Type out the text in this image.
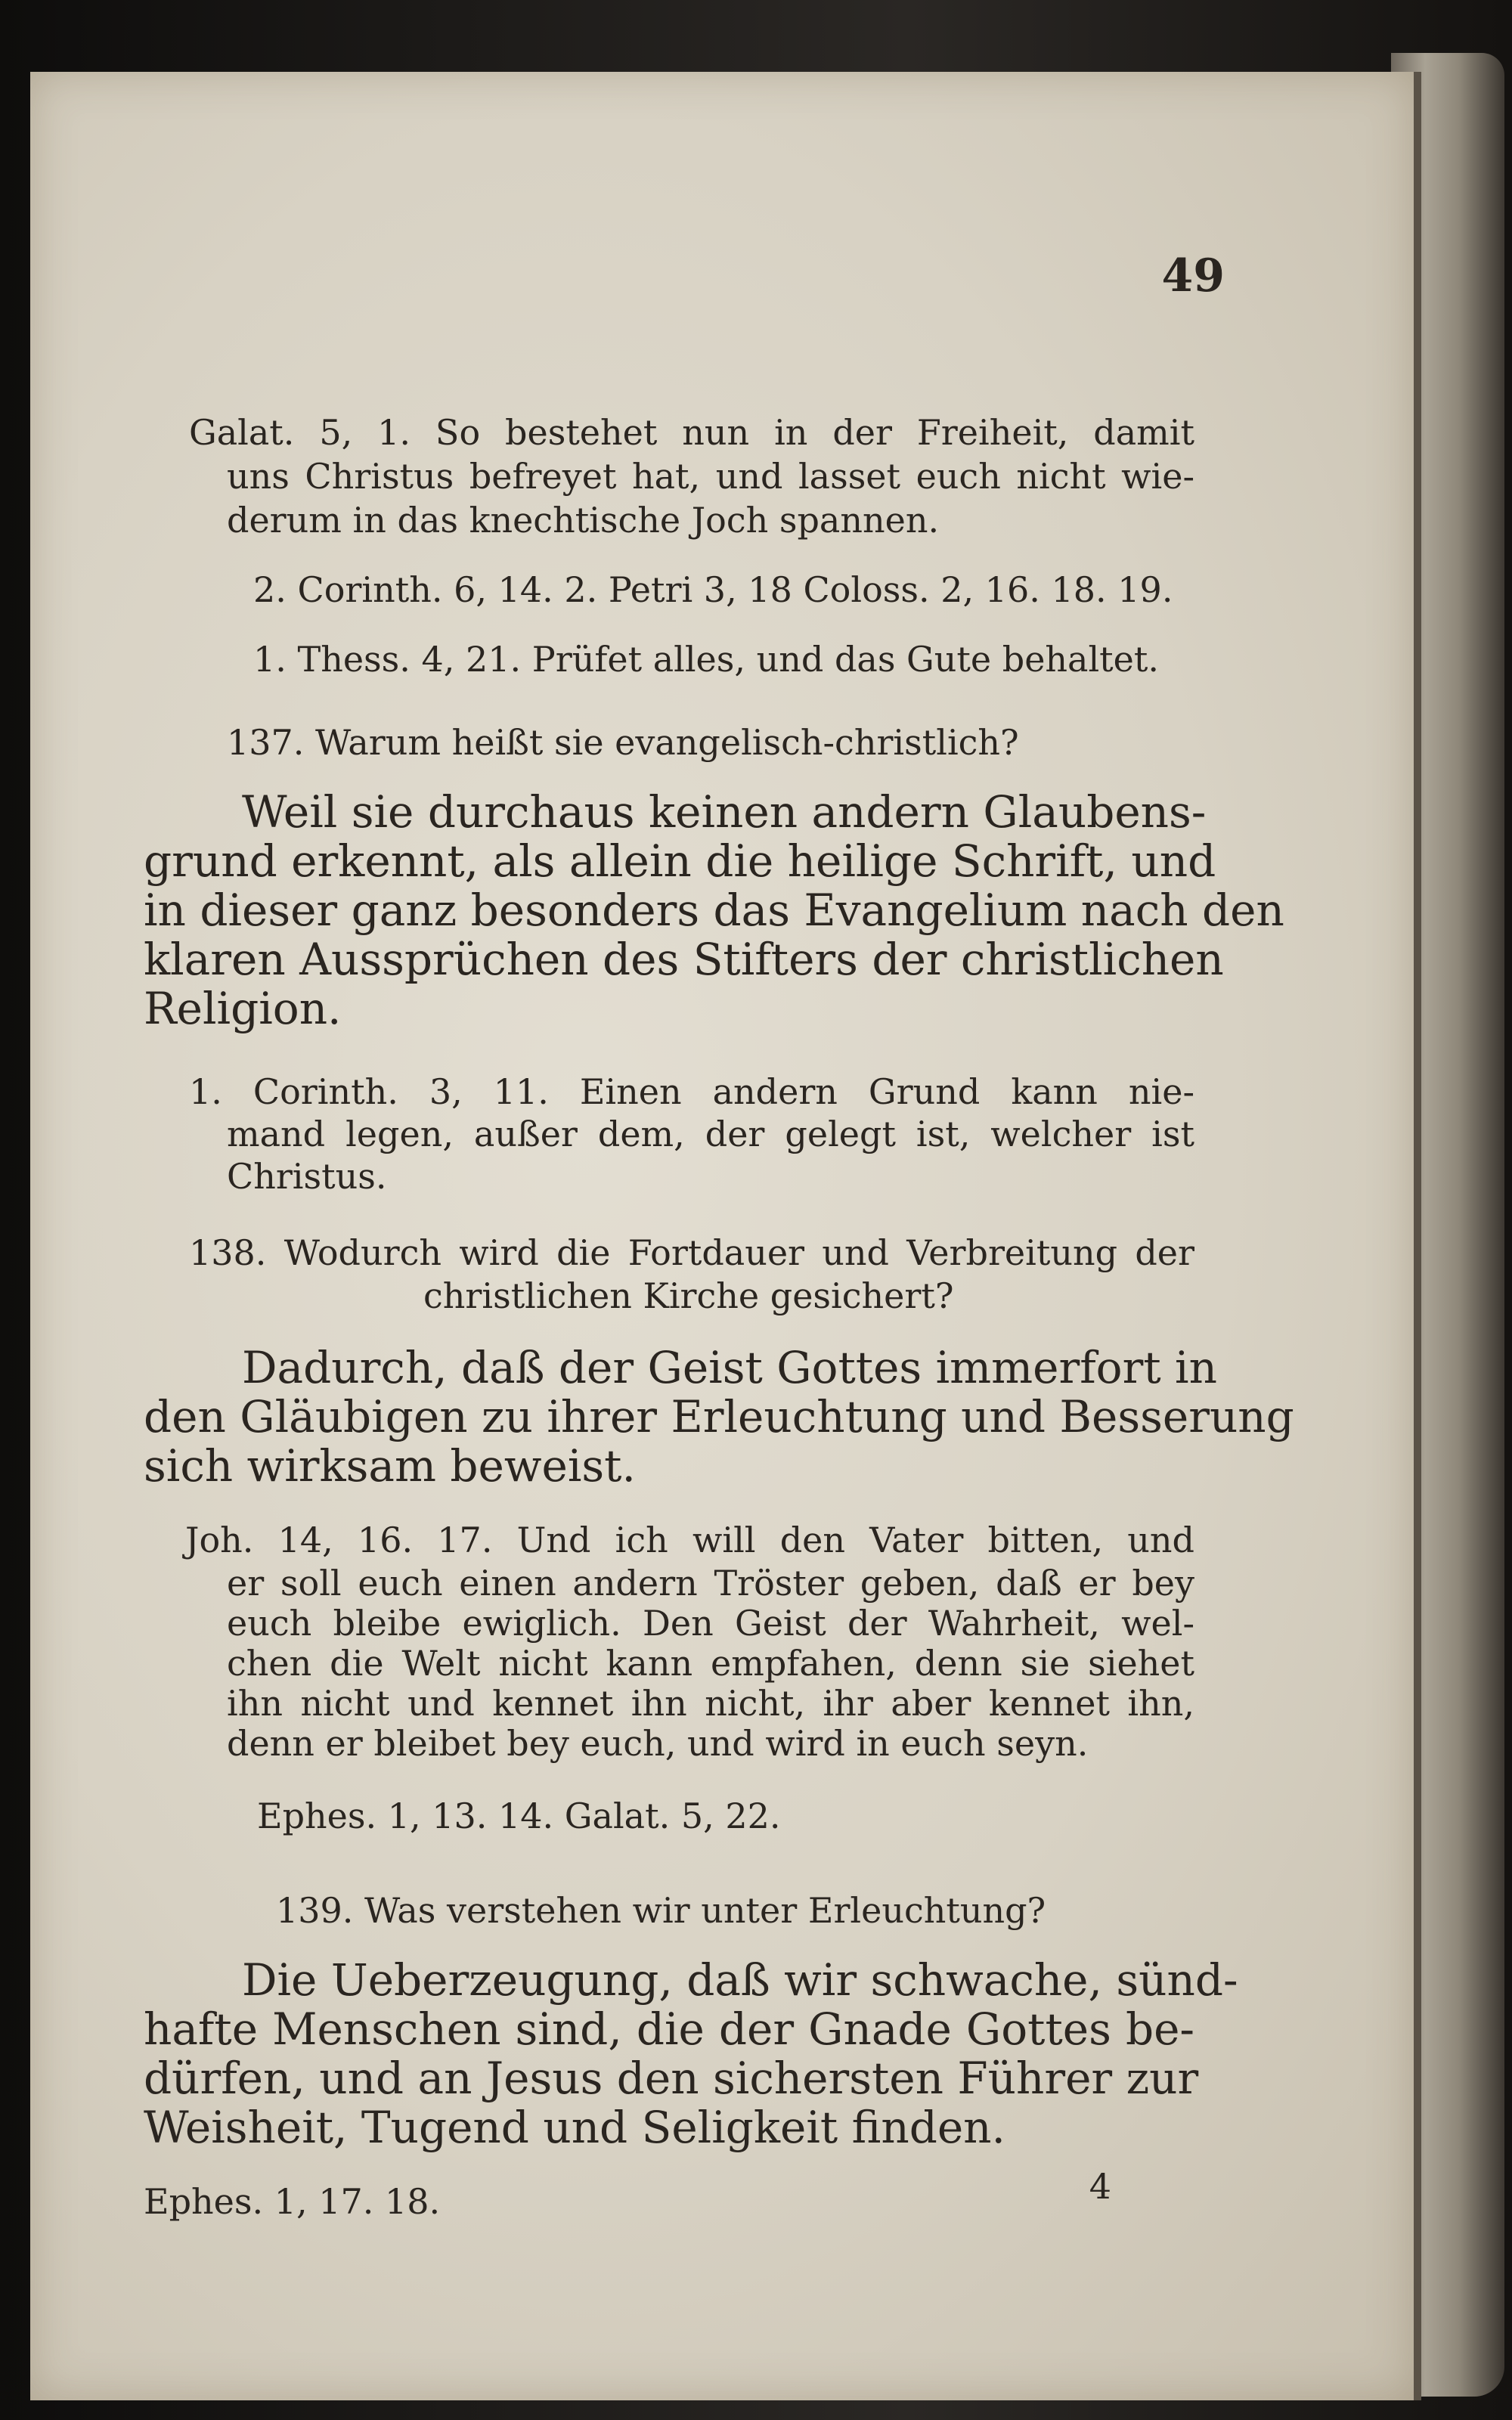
49
Galat. 5, 1. So bestehet nun in der Freiheit, damit
uns Christus befreyet hat, und lasset euch nicht wie-
derum in das knechtische Joch spannen.
2. Corinth. 6, 14. 2. Petri 3, 18 Coloss. 2, 16. 18. 19.
1. Thess. 4, 21. Prüfet alles, und das Gute behaltet.
137. Warum heißt sie evangelisch-christlich?
Weil sie durchaus keinen andern Glaubens-
grund erkennt, als allein die heilige Schrift, und
in dieser ganz besonders das Evangelium nach den
klaren Aussprüchen des Stifters der christlichen
Religion.
1. Corinth. 3, 11. Einen andern Grund kann nie-
mand legen, außer dem, der gelegt ist, welcher ist
Christus.
138. Wodurch wird die Fortdauer und Verbreitung der
christlichen Kirche gesichert?
Dadurch, daß der Geist Gottes immerfort in
den Gläubigen zu ihrer Erleuchtung und Besserung
sich wirksam beweist.
Joh. 14, 16. 17. Und ich will den Vater bitten, und
er soll euch einen andern Tröster geben, daß er bey
euch bleibe ewiglich. Den Geist der Wahrheit, wel-
chen die Welt nicht kann empfahen, denn sie siehet
ihn nicht und kennet ihn nicht, ihr aber kennet ihn,
denn er bleibet bey euch, und wird in euch seyn.
Ephes. 1, 13. 14. Galat. 5, 22.
139. Was verstehen wir unter Erleuchtung?
Die Ueberzeugung, daß wir schwache, sünd-
hafte Menschen sind, die der Gnade Gottes be-
dürfen, und an Jesus den sichersten Führer zur
Weisheit, Tugend und Seligkeit finden.
Ephes. 1, 17. 18.	4
